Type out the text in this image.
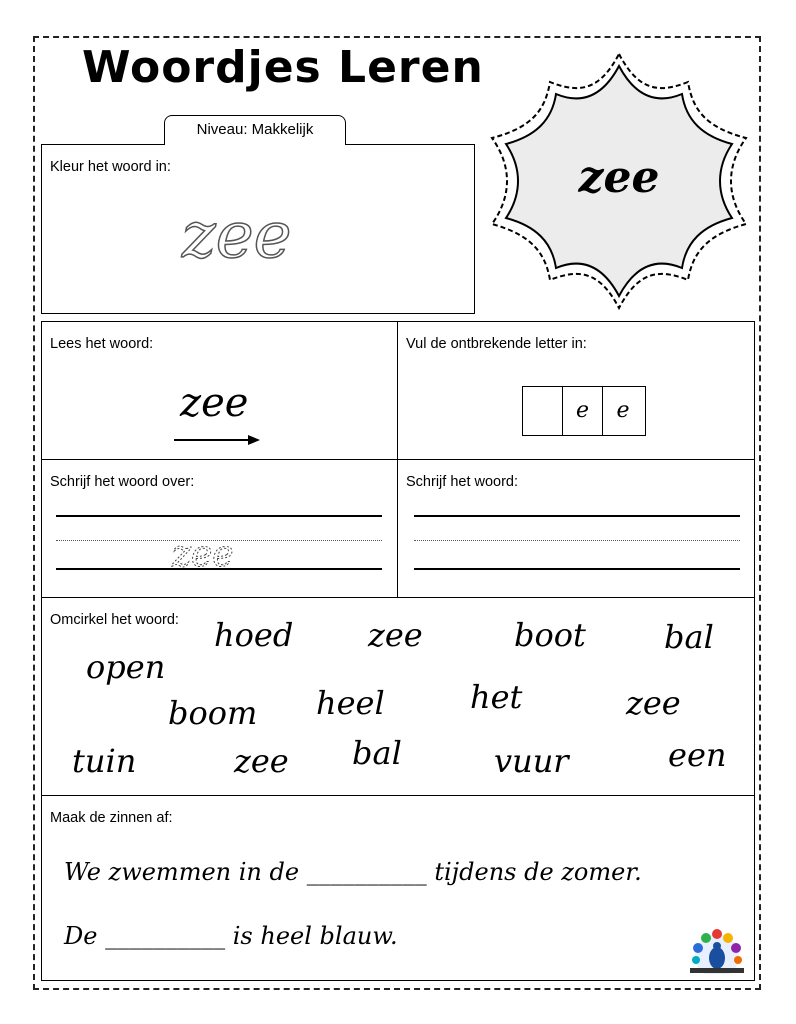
Woordjes Leren
Niveau: Makkelijk
zee
Kleur het woord in:
zee
Lees het woord:
zee
Vul de ontbrekende letter in:
e	e
Schrijf het woord over:
zee
Schrijf het woord:
Omcirkel het woord: hoed zee	boot bal
open
boom heel	het	zee
tuin	zee bal	vuur	een
Maak de zinnen af:
We zwemmen in de __________ tijdens de zomer.
De __________ is heel blauw.
